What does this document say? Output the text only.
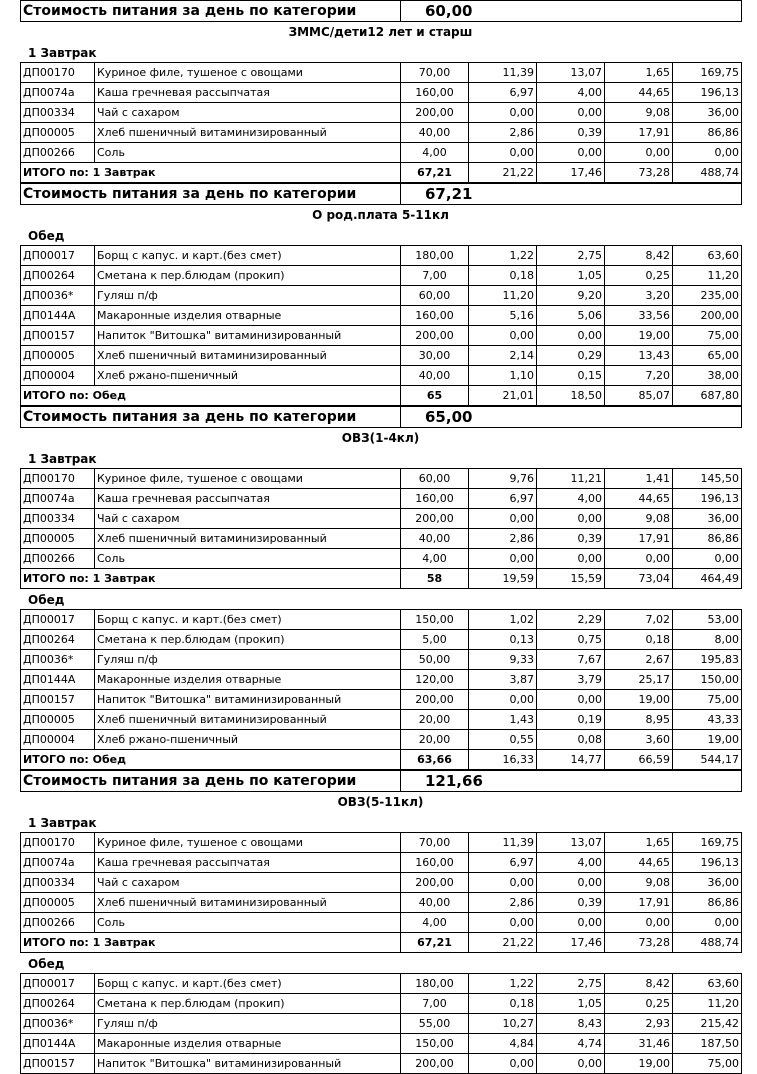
Стоимость питания за день по категории	60,00
ЗММС/дети12 лет и старш
1 Завтрак
ДП00170	Куриное филе, тушеное с овощами	70,00	11,39	13,07	1,65	169,75
ДП0074а	Каша гречневая рассыпчатая	160,00	6,97	4,00	44,65	196,13
ДП00334	Чай с сахаром	200,00	0,00	0,00	9,08	36,00
ДП00005	Хлеб пшеничный витаминизированный	40,00	2,86	0,39	17,91	86,86
ДП00266	Соль	4,00	0,00	0,00	0,00	0,00
ИТОГО по: 1 Завтрак		67,21	21,22	17,46	73,28	488,74
Стоимость питания за день по категории	67,21
О род.плата 5-11кл
Обед
ДП00017	Борщ с капус. и карт.(без смет)	180,00	1,22	2,75	8,42	63,60
ДП00264	Сметана к пер.блюдам (прокип)	7,00	0,18	1,05	0,25	11,20
ДП0036*	Гуляш п/ф	60,00	11,20	9,20	3,20	235,00
ДП0144А	Макаронные изделия отварные	160,00	5,16	5,06	33,56	200,00
ДП00157	Напиток "Витошка" витаминизированный	200,00	0,00	0,00	19,00	75,00
ДП00005	Хлеб пшеничный витаминизированный	30,00	2,14	0,29	13,43	65,00
ДП00004	Хлеб ржано-пшеничный	40,00	1,10	0,15	7,20	38,00
ИТОГО по: Обед		65	21,01	18,50	85,07	687,80
Стоимость питания за день по категории	65,00
ОВЗ(1-4кл)
1 Завтрак
ДП00170	Куриное филе, тушеное с овощами	60,00	9,76	11,21	1,41	145,50
ДП0074а	Каша гречневая рассыпчатая	160,00	6,97	4,00	44,65	196,13
ДП00334	Чай с сахаром	200,00	0,00	0,00	9,08	36,00
ДП00005	Хлеб пшеничный витаминизированный	40,00	2,86	0,39	17,91	86,86
ДП00266	Соль	4,00	0,00	0,00	0,00	0,00
ИТОГО по: 1 Завтрак		58	19,59	15,59	73,04	464,49
Обед
ДП00017	Борщ с капус. и карт.(без смет)	150,00	1,02	2,29	7,02	53,00
ДП00264	Сметана к пер.блюдам (прокип)	5,00	0,13	0,75	0,18	8,00
ДП0036*	Гуляш п/ф	50,00	9,33	7,67	2,67	195,83
ДП0144А	Макаронные изделия отварные	120,00	3,87	3,79	25,17	150,00
ДП00157	Напиток "Витошка" витаминизированный	200,00	0,00	0,00	19,00	75,00
ДП00005	Хлеб пшеничный витаминизированный	20,00	1,43	0,19	8,95	43,33
ДП00004	Хлеб ржано-пшеничный	20,00	0,55	0,08	3,60	19,00
ИТОГО по: Обед		63,66	16,33	14,77	66,59	544,17
Стоимость питания за день по категории	121,66
ОВЗ(5-11кл)
1 Завтрак
ДП00170	Куриное филе, тушеное с овощами	70,00	11,39	13,07	1,65	169,75
ДП0074а	Каша гречневая рассыпчатая	160,00	6,97	4,00	44,65	196,13
ДП00334	Чай с сахаром	200,00	0,00	0,00	9,08	36,00
ДП00005	Хлеб пшеничный витаминизированный	40,00	2,86	0,39	17,91	86,86
ДП00266	Соль	4,00	0,00	0,00	0,00	0,00
ИТОГО по: 1 Завтрак		67,21	21,22	17,46	73,28	488,74
Обед
ДП00017	Борщ с капус. и карт.(без смет)	180,00	1,22	2,75	8,42	63,60
ДП00264	Сметана к пер.блюдам (прокип)	7,00	0,18	1,05	0,25	11,20
ДП0036*	Гуляш п/ф	55,00	10,27	8,43	2,93	215,42
ДП0144А	Макаронные изделия отварные	150,00	4,84	4,74	31,46	187,50
ДП00157	Напиток "Витошка" витаминизированный	200,00	0,00	0,00	19,00	75,00
